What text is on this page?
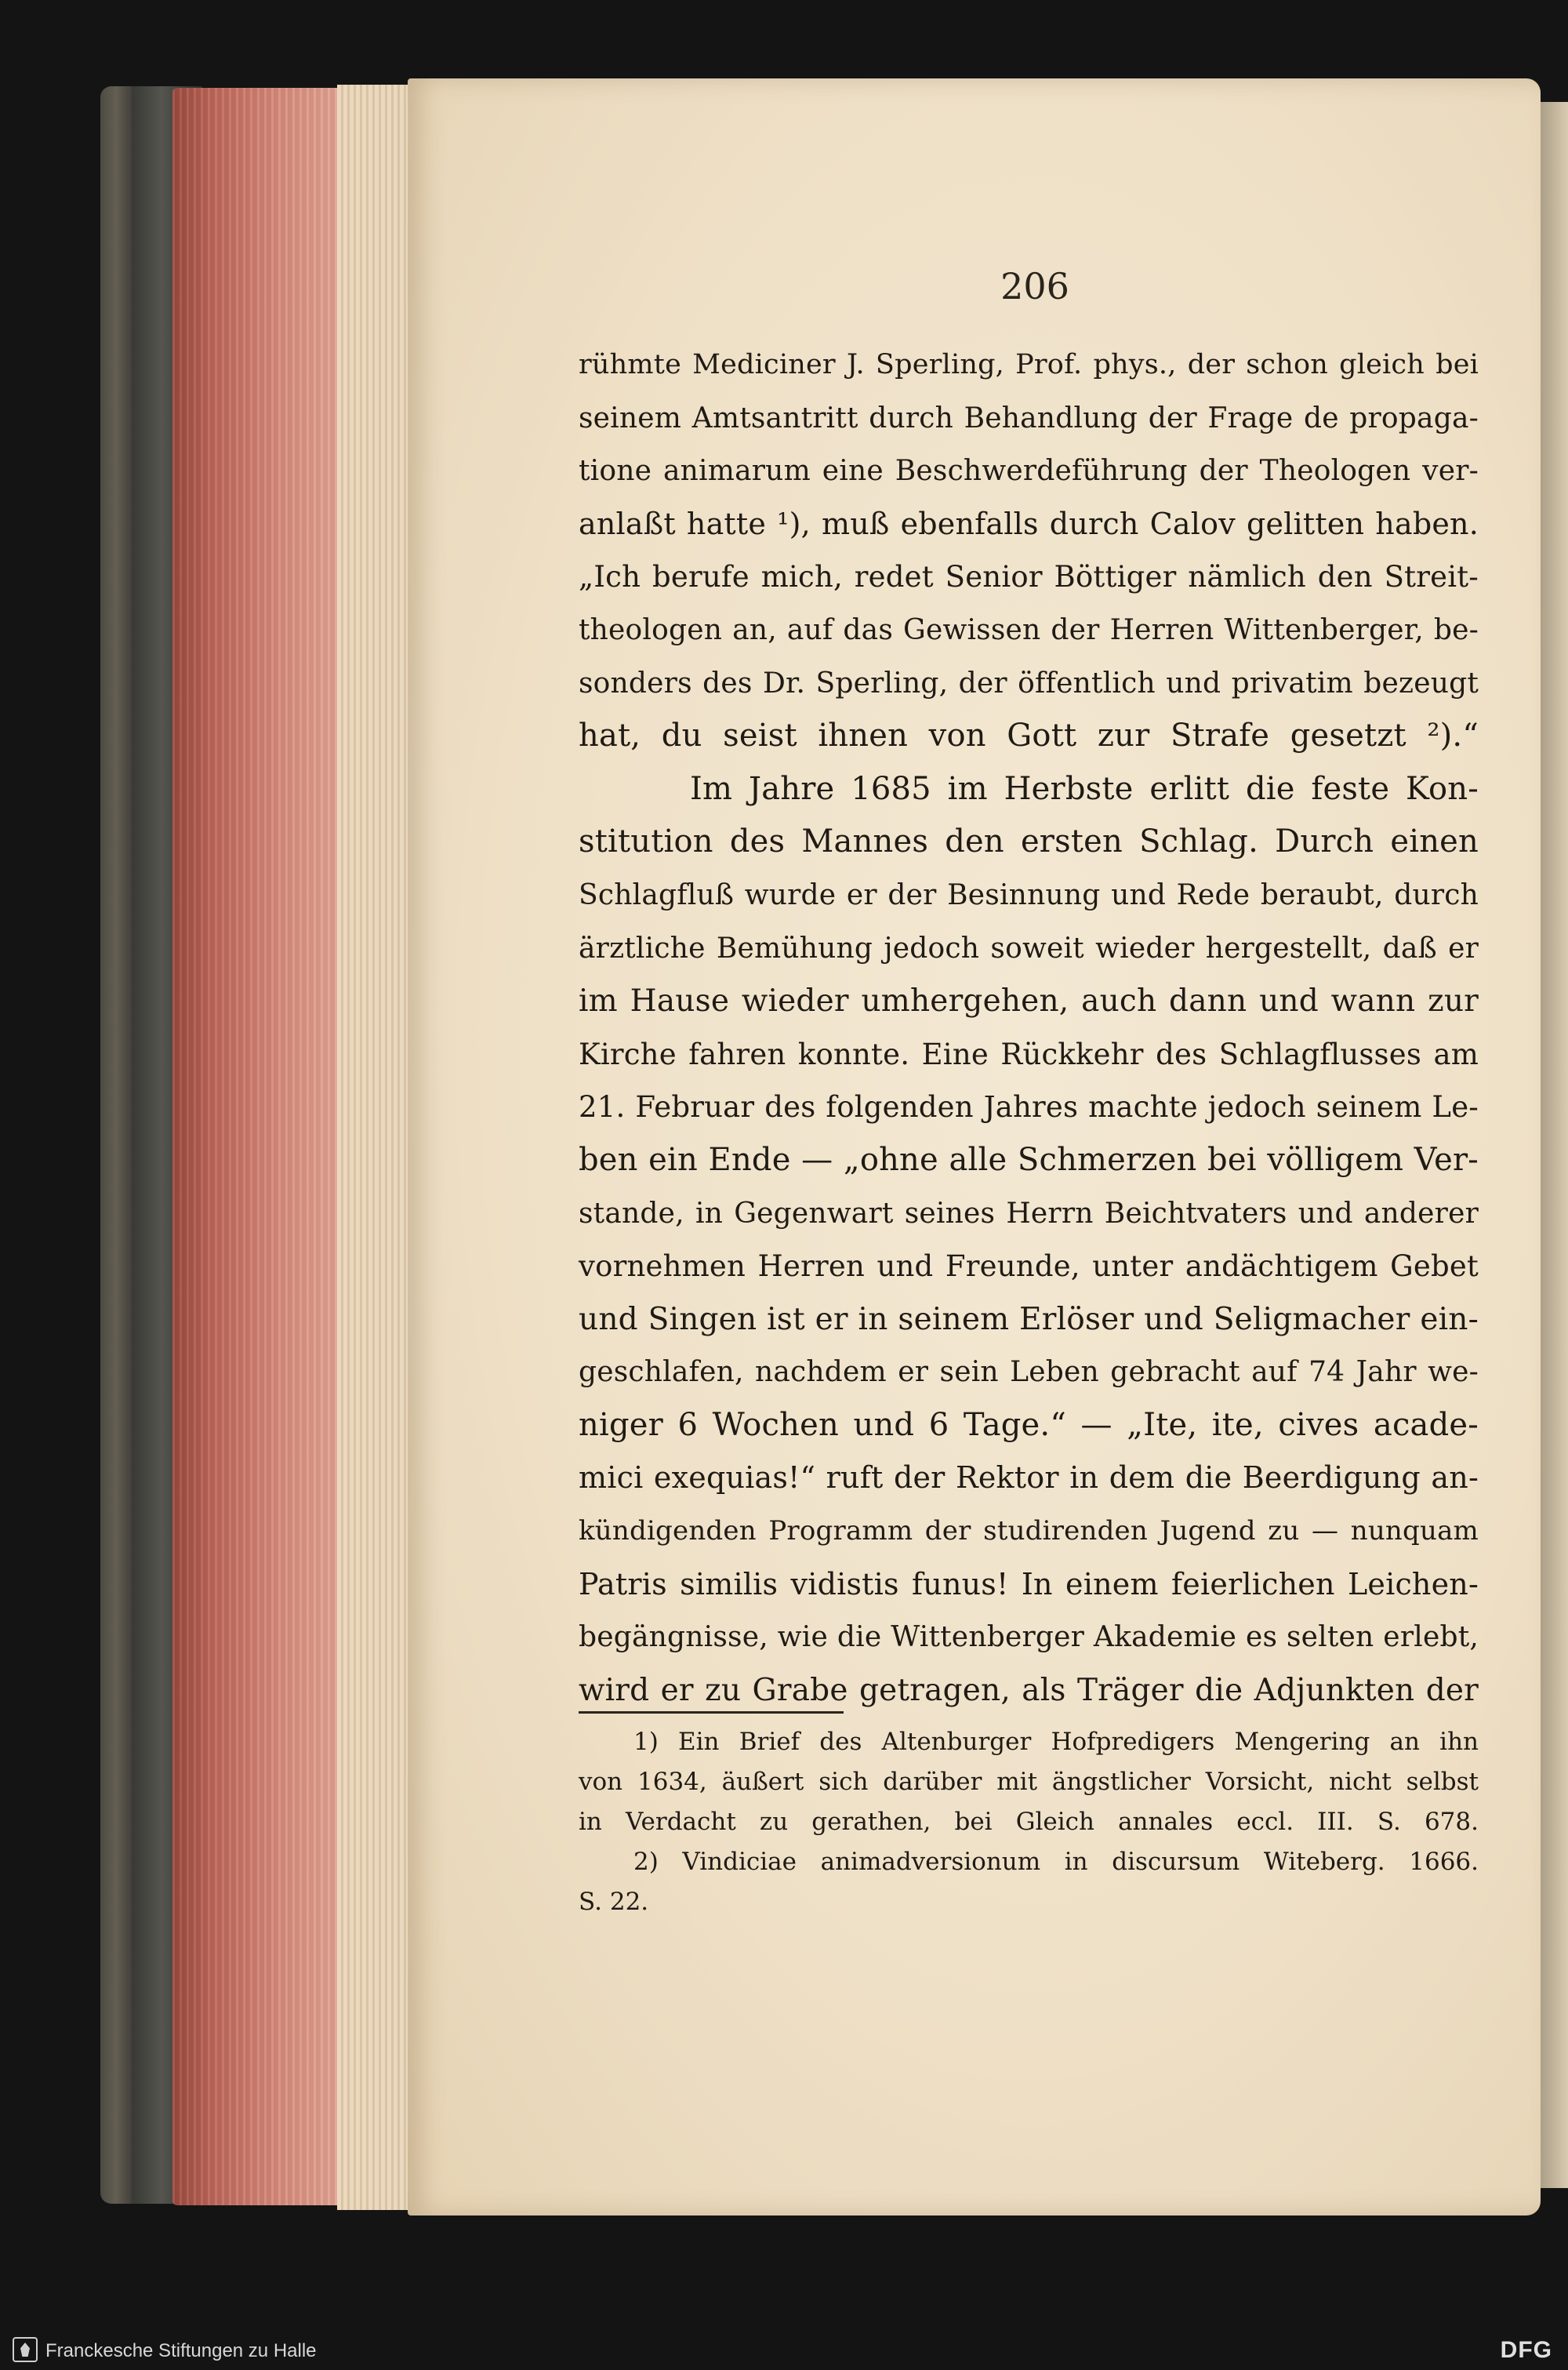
206
rühmte Mediciner J. Sperling, Prof. phys., der schon gleich bei
seinem Amtsantritt durch Behandlung der Frage de propaga-
tione animarum eine Beschwerdeführung der Theologen ver-
anlaßt hatte ¹), muß ebenfalls durch Calov gelitten haben.
„Ich berufe mich, redet Senior Böttiger nämlich den Streit-
theologen an, auf das Gewissen der Herren Wittenberger, be-
sonders des Dr. Sperling, der öffentlich und privatim bezeugt
hat, du seist ihnen von Gott zur Strafe gesetzt ²).“
Im Jahre 1685 im Herbste erlitt die feste Kon-
stitution des Mannes den ersten Schlag. Durch einen
Schlagfluß wurde er der Besinnung und Rede beraubt, durch
ärztliche Bemühung jedoch soweit wieder hergestellt, daß er
im Hause wieder umhergehen, auch dann und wann zur
Kirche fahren konnte. Eine Rückkehr des Schlagflusses am
21. Februar des folgenden Jahres machte jedoch seinem Le-
ben ein Ende — „ohne alle Schmerzen bei völligem Ver-
stande, in Gegenwart seines Herrn Beichtvaters und anderer
vornehmen Herren und Freunde, unter andächtigem Gebet
und Singen ist er in seinem Erlöser und Seligmacher ein-
geschlafen, nachdem er sein Leben gebracht auf 74 Jahr we-
niger 6 Wochen und 6 Tage.“ — „Ite, ite, cives acade-
mici exequias!“ ruft der Rektor in dem die Beerdigung an-
kündigenden Programm der studirenden Jugend zu — nunquam
Patris similis vidistis funus! In einem feierlichen Leichen-
begängnisse, wie die Wittenberger Akademie es selten erlebt,
wird er zu Grabe getragen, als Träger die Adjunkten der
1) Ein Brief des Altenburger Hofpredigers Mengering an ihn
von 1634, äußert sich darüber mit ängstlicher Vorsicht, nicht selbst
in Verdacht zu gerathen, bei Gleich annales eccl. III. S. 678.
2) Vindiciae animadversionum in discursum Witeberg. 1666.
S. 22.
Franckesche Stiftungen zu Halle	DFG
